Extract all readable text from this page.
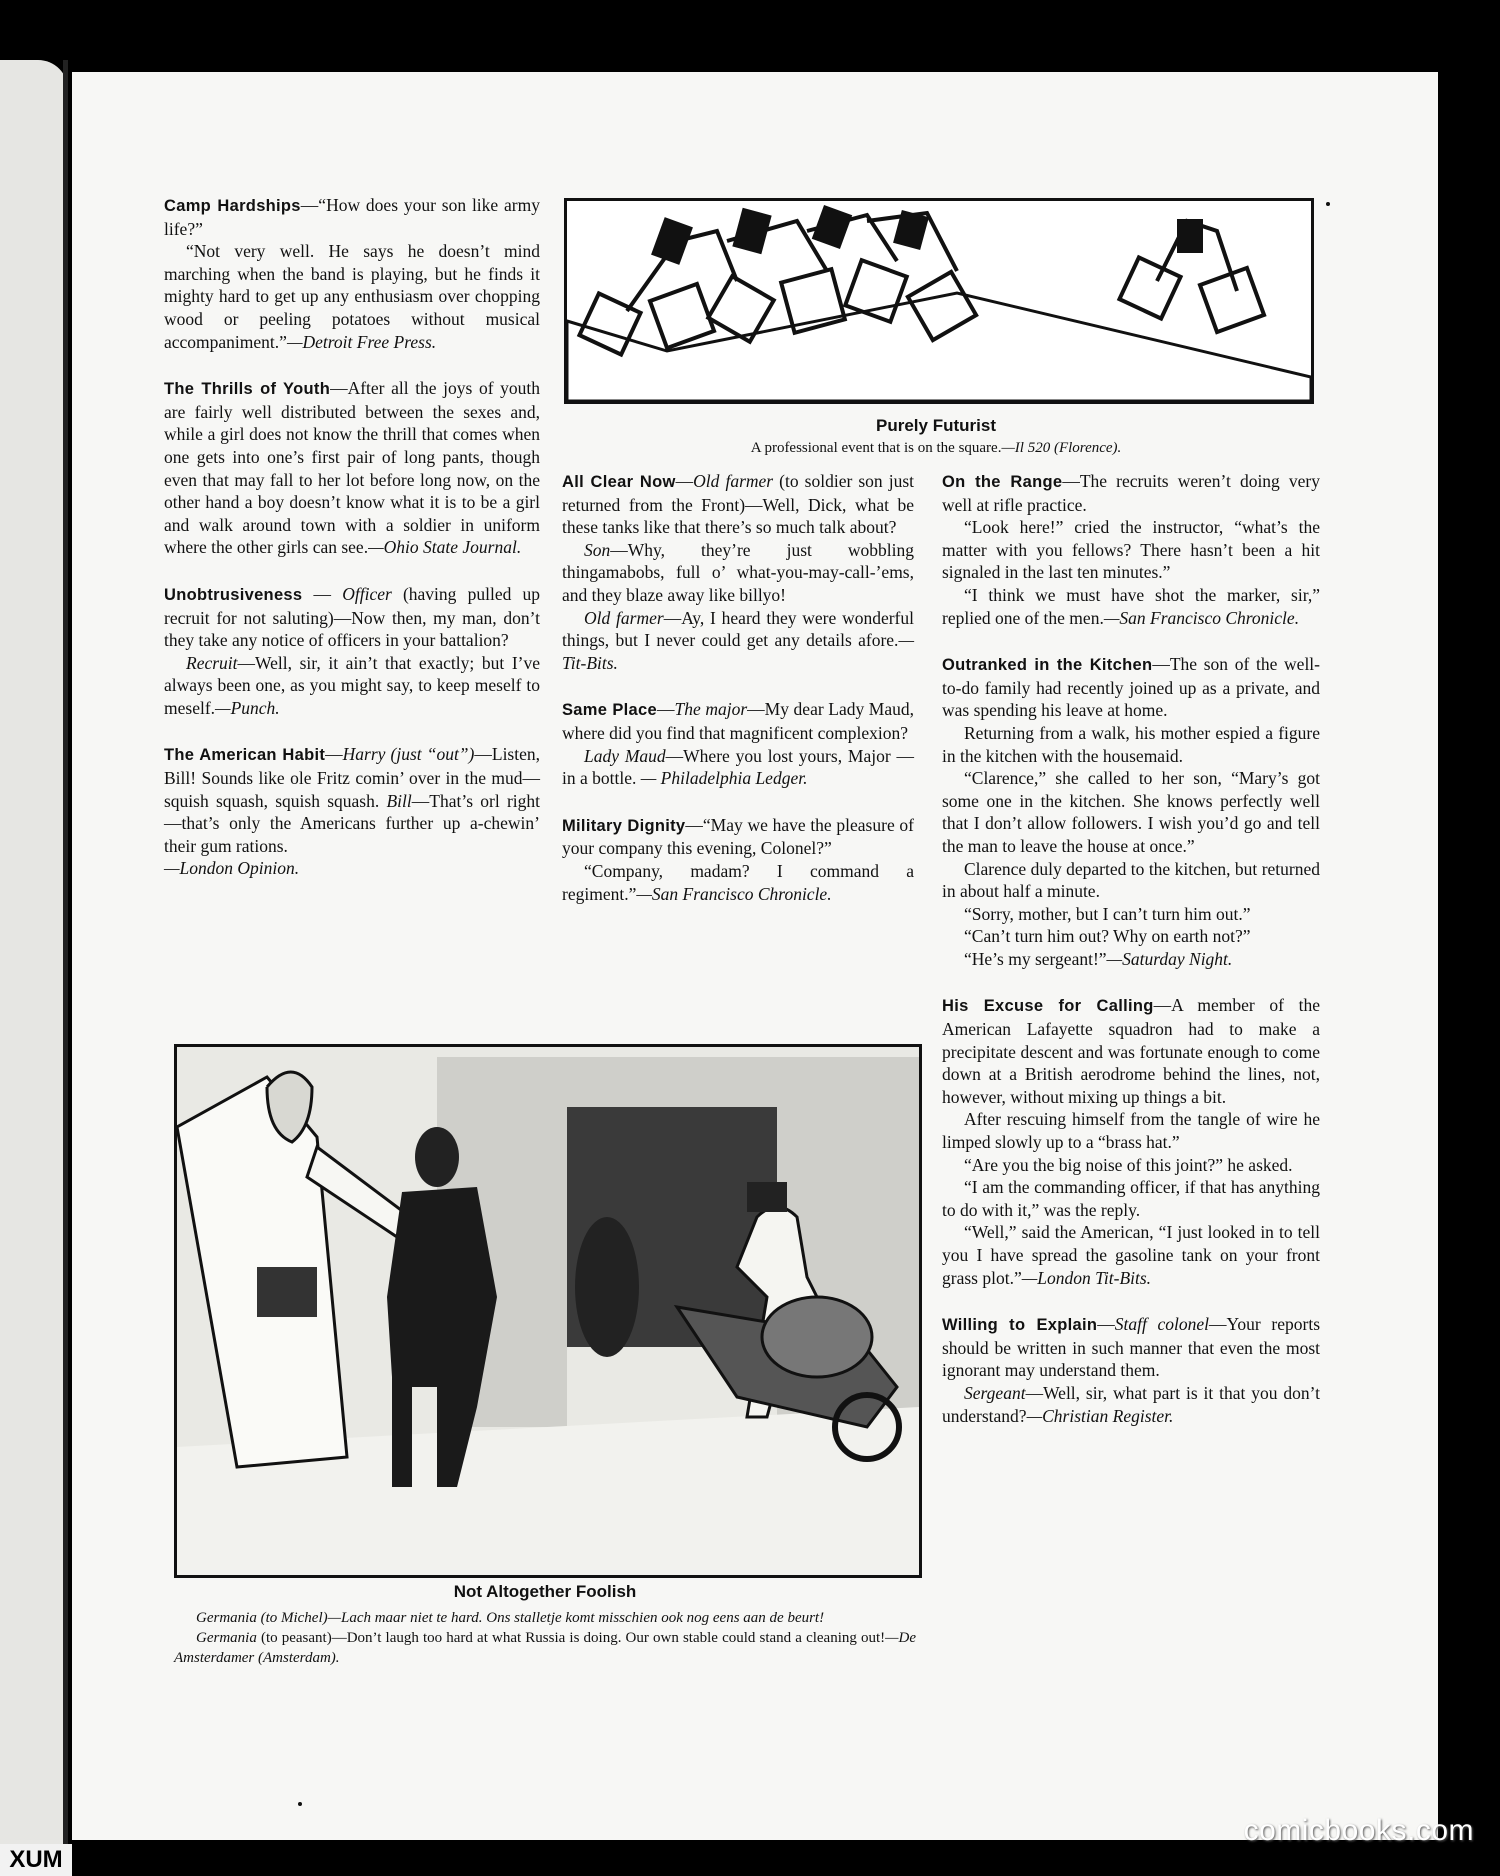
Camp Hardships—“How does your son like army life?”

“Not very well. He says he doesn’t mind marching when the band is playing, but he finds it mighty hard to get up any enthusiasm over chopping wood or peeling potatoes without musical accompaniment.”—Detroit Free Press.

The Thrills of Youth—After all the joys of youth are fairly well distributed between the sexes and, while a girl does not know the thrill that comes when one gets into one’s first pair of long pants, though even that may fall to her lot before long now, on the other hand a boy doesn’t know what it is to be a girl and walk around town with a soldier in uniform where the other girls can see.—Ohio State Journal.

Unobtrusiveness — Officer (having pulled up recruit for not saluting)—Now then, my man, don’t they take any notice of officers in your battalion?

Recruit—Well, sir, it ain’t that exactly; but I’ve always been one, as you might say, to keep meself to meself.—Punch.

The American Habit—Harry (just “out”)—Listen, Bill! Sounds like ole Fritz comin’ over in the mud—squish squash, squish squash. Bill—That’s orl right—that’s only the Americans further up a-chewin’ their gum rations.
—London Opinion.

Purely Futurist
A professional event that is on the square.—Il 520 (Florence).

All Clear Now—Old farmer (to soldier son just returned from the Front)—Well, Dick, what be these tanks like that there’s so much talk about?

Son—Why, they’re just wobbling thingamabobs, full o’ what-you-may-call-’ems, and they blaze away like billyo!

Old farmer—Ay, I heard they were wonderful things, but I never could get any details afore.—Tit-Bits.

Same Place—The major—My dear Lady Maud, where did you find that magnificent complexion?

Lady Maud—Where you lost yours, Major — in a bottle. — Philadelphia Ledger.

Military Dignity—“May we have the pleasure of your company this evening, Colonel?”

“Company, madam? I command a regiment.”—San Francisco Chronicle.

On the Range—The recruits weren’t doing very well at rifle practice.

“Look here!” cried the instructor, “what’s the matter with you fellows? There hasn’t been a hit signaled in the last ten minutes.”

“I think we must have shot the marker, sir,” replied one of the men.—San Francisco Chronicle.

Outranked in the Kitchen—The son of the well-to-do family had recently joined up as a private, and was spending his leave at home.

Returning from a walk, his mother espied a figure in the kitchen with the housemaid.

“Clarence,” she called to her son, “Mary’s got some one in the kitchen. She knows perfectly well that I don’t allow followers. I wish you’d go and tell the man to leave the house at once.”

Clarence duly departed to the kitchen, but returned in about half a minute.

“Sorry, mother, but I can’t turn him out.”

“Can’t turn him out? Why on earth not?”

“He’s my sergeant!”—Saturday Night.

His Excuse for Calling—A member of the American Lafayette squadron had to make a precipitate descent and was fortunate enough to come down at a British aerodrome behind the lines, not, however, without mixing up things a bit.

After rescuing himself from the tangle of wire he limped slowly up to a “brass hat.”

“Are you the big noise of this joint?” he asked.

“I am the commanding officer, if that has anything to do with it,” was the reply.

“Well,” said the American, “I just looked in to tell you I have spread the gasoline tank on your front grass plot.”—London Tit-Bits.

Willing to Explain—Staff colonel—Your reports should be written in such manner that even the most ignorant may understand them.

Sergeant—Well, sir, what part is it that you don’t understand?—Christian Register.

Not Altogether Foolish
Germania (to Michel)—Lach maar niet te hard. Ons stalletje komt misschien ook nog eens aan de beurt!
Germania (to peasant)—Don’t laugh too hard at what Russia is doing. Our own stable could stand a cleaning out!—De Amsterdamer (Amsterdam).
XUM
comicbooks.com
